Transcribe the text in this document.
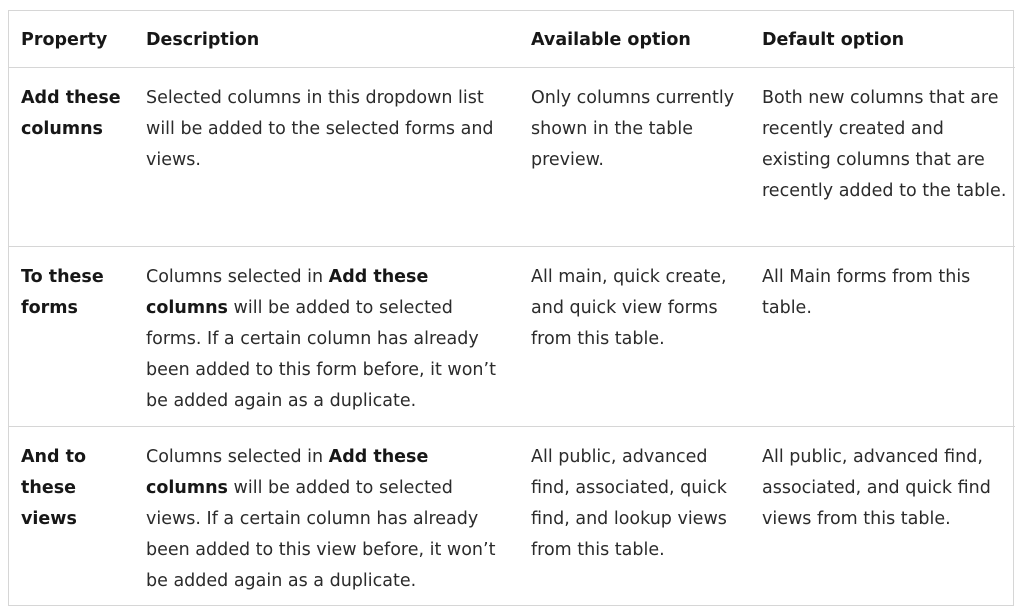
Property	Description	Available option	Default option
Add these columns	Selected columns in this dropdown list will be added to the selected forms and views.	Only columns currently shown in the table preview.	Both new columns that are recently created and existing columns that are recently added to the table.
To these forms	Columns selected in Add these columns will be added to selected forms. If a certain column has already been added to this form before, it won’t be added again as a duplicate.	All main, quick create, and quick view forms from this table.	All Main forms from this table.
And to these views	Columns selected in Add these columns will be added to selected views. If a certain column has already been added to this view before, it won’t be added again as a duplicate.	All public, advanced find, associated, quick find, and lookup views from this table.	All public, advanced find, associated, and quick find views from this table.
